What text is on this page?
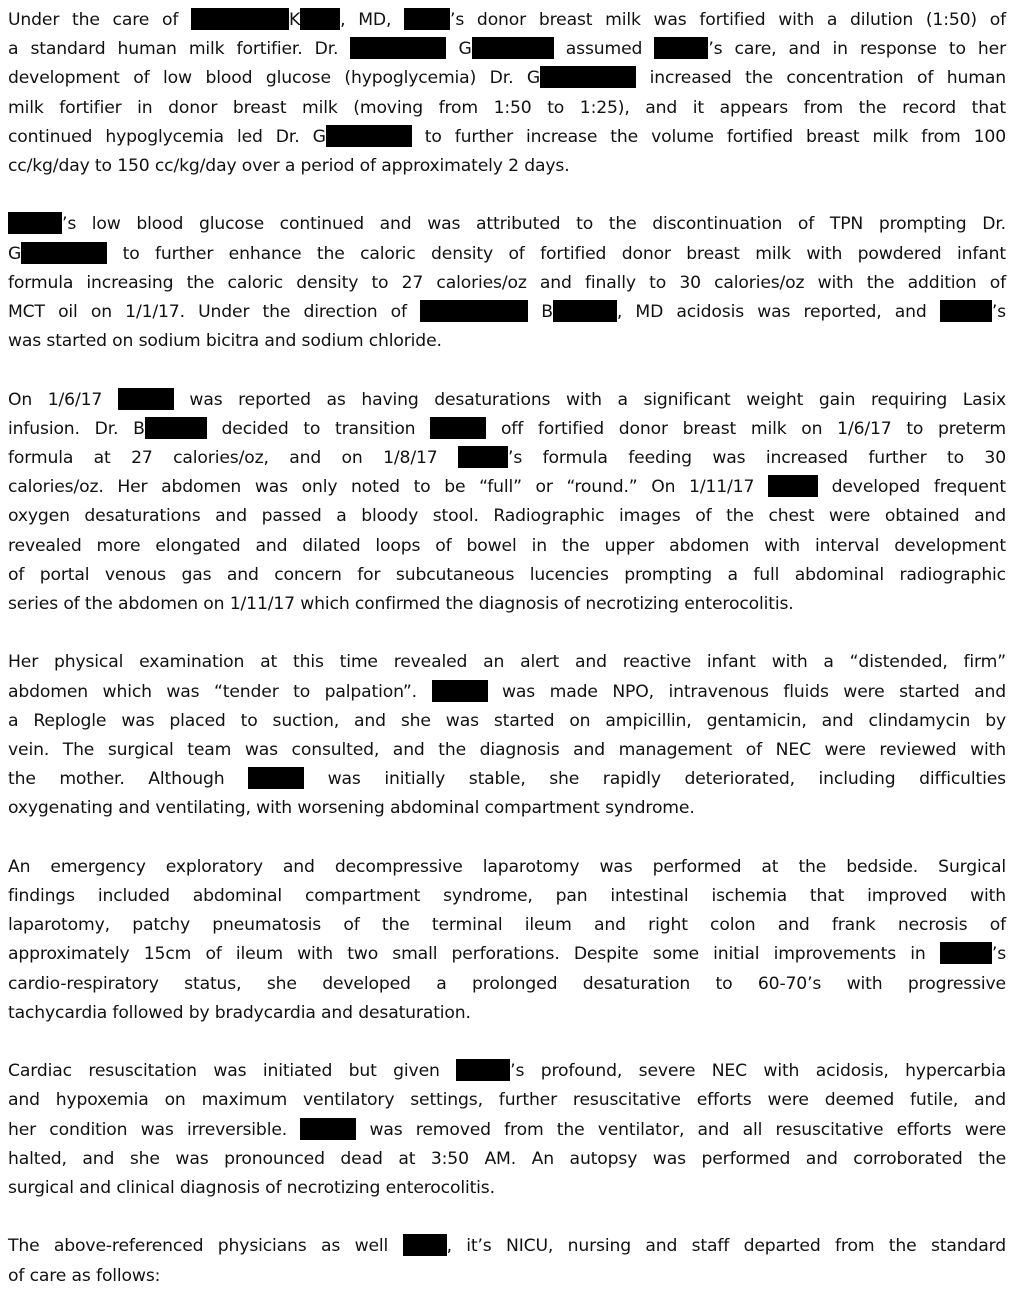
Under the care of	K , MD,	’s donor breast milk was fortified with a dilution (1:50) of
a standard human milk fortifier. Dr.	G	assumed	’s care, and in response to her
development of low blood glucose (hypoglycemia) Dr. G	increased the concentration of human
milk fortifier in donor breast milk (moving from 1:50 to 1:25), and it appears from the record that
continued hypoglycemia led Dr. G	to further increase the volume fortified breast milk from 100
cc/kg/day to 150 cc/kg/day over a period of approximately 2 days.
’s low blood glucose continued and was attributed to the discontinuation of TPN prompting Dr.
G	to further enhance the caloric density of fortified donor breast milk with powdered infant
formula increasing the caloric density to 27 calories/oz and finally to 30 calories/oz with the addition of
MCT oil on 1/1/17. Under the direction of	B	, MD acidosis was reported, and	’s
was started on sodium bicitra and sodium chloride.
On 1/6/17	was reported as having desaturations with a significant weight gain requiring Lasix
infusion. Dr. B	decided to transition	off fortified donor breast milk on 1/6/17 to preterm
formula at 27 calories/oz, and on 1/8/17	’s formula feeding was increased further to 30
calories/oz. Her abdomen was only noted to be “full” or “round.” On 1/11/17	developed frequent
oxygen desaturations and passed a bloody stool. Radiographic images of the chest were obtained and
revealed more elongated and dilated loops of bowel in the upper abdomen with interval development
of portal venous gas and concern for subcutaneous lucencies prompting a full abdominal radiographic
series of the abdomen on 1/11/17 which confirmed the diagnosis of necrotizing enterocolitis.
Her physical examination at this time revealed an alert and reactive infant with a “distended, firm”
abdomen which was “tender to palpation”.	was made NPO, intravenous fluids were started and
a Replogle was placed to suction, and she was started on ampicillin, gentamicin, and clindamycin by
vein. The surgical team was consulted, and the diagnosis and management of NEC were reviewed with
the mother. Although	was initially stable, she rapidly deteriorated, including difficulties
oxygenating and ventilating, with worsening abdominal compartment syndrome.
An emergency exploratory and decompressive laparotomy was performed at the bedside. Surgical
findings included abdominal compartment syndrome, pan intestinal ischemia that improved with
laparotomy, patchy pneumatosis of the terminal ileum and right colon and frank necrosis of
approximately 15cm of ileum with two small perforations. Despite some initial improvements in	’s
cardio-respiratory status, she developed a prolonged desaturation to 60-70’s with progressive
tachycardia followed by bradycardia and desaturation.
Cardiac resuscitation was initiated but given	’s profound, severe NEC with acidosis, hypercarbia
and hypoxemia on maximum ventilatory settings, further resuscitative efforts were deemed futile, and
her condition was irreversible.	was removed from the ventilator, and all resuscitative efforts were
halted, and she was pronounced dead at 3:50 AM. An autopsy was performed and corroborated the
surgical and clinical diagnosis of necrotizing enterocolitis.
The above-referenced physicians as well	, it’s NICU, nursing and staff departed from the standard
of care as follows:
